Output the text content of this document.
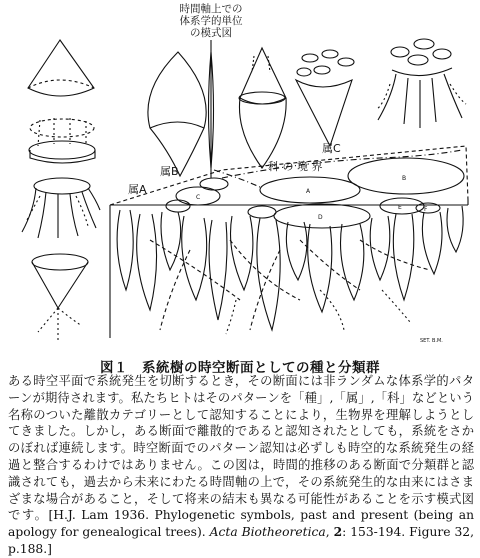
時間軸上での
体系学的単位
の模式図
属C
科 の 境 界
属B
属A	A
B
C
D
E	F
SET. B.M.
図１　系統樹の時空断面としての種と分類群

ある時空平面で系統発生を切断するとき，その断面には非ランダムな体系学的パターンが期待されます。私たちヒトはそのパターンを「種」,「属」,「科」などという名称のついた離散カテゴリーとして認知することにより，生物界を理解しようとしてきました。しかし，ある断面で離散的であると認知されたとしても，系統をさかのぼれば連続します。時空断面でのパターン認知は必ずしも時空的な系統発生の経過と整合するわけではありません。この図は，時間的推移のある断面で分類群と認識されても，過去から未来にわたる時間軸の上で，その系統発生的な由来にはさまざまな場合があること，そして将来の結末も異なる可能性があることを示す模式図です。[H.J. Lam 1936. Phylogenetic symbols, past and present (being an apology for genealogical trees). Acta Biotheoretica, 2: 153-194. Figure 32, p.188.]
